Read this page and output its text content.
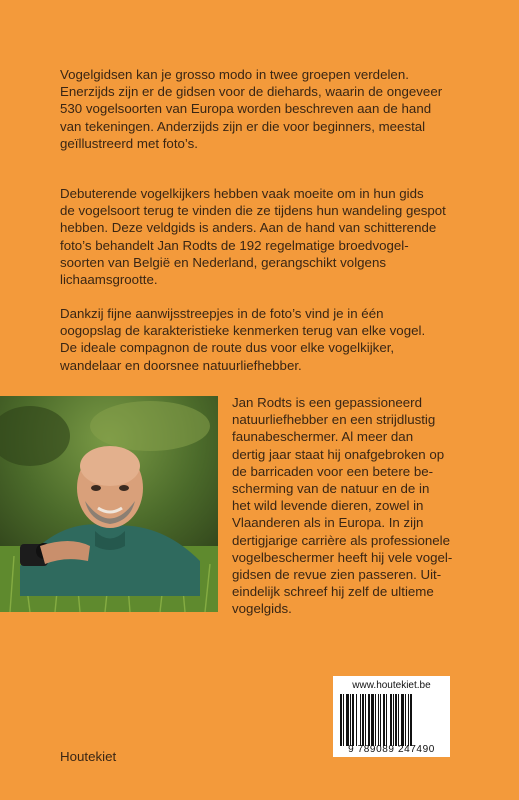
Vogelgidsen kan je grosso modo in twee groepen verdelen.
Enerzijds zijn er de gidsen voor de diehards, waarin de ongeveer
530 vogelsoorten van Europa worden beschreven aan de hand
van tekeningen. Anderzijds zijn er die voor beginners, meestal
geïllustreerd met foto’s.
Debuterende vogelkijkers hebben vaak moeite om in hun gids
de vogelsoort terug te vinden die ze tijdens hun wandeling gespot
hebben. Deze veldgids is anders. Aan de hand van schitterende
foto’s behandelt Jan Rodts de 192 regelmatige broedvogel-
soorten van België en Nederland, gerangschikt volgens
lichaamsgrootte.
Dankzij fijne aanwijsstreepjes in de foto’s vind je in één
oogopslag de karakteristieke kenmerken terug van elke vogel.
De ideale compagnon de route dus voor elke vogelkijker,
wandelaar en doorsnee natuurliefhebber.
Jan Rodts is een gepassioneerd
natuurliefhebber en een strijdlustig
faunabeschermer. Al meer dan
dertig jaar staat hij onafgebroken op
de barricaden voor een betere be-
scherming van de natuur en de in
het wild levende dieren, zowel in
Vlaanderen als in Europa. In zijn
dertigjarige carrière als professionele
vogelbeschermer heeft hij vele vogel-
gidsen de revue zien passeren. Uit-
eindelijk schreef hij zelf de ultieme
vogelgids.
www.houtekiet.be
9 789089 247490
Houtekiet
